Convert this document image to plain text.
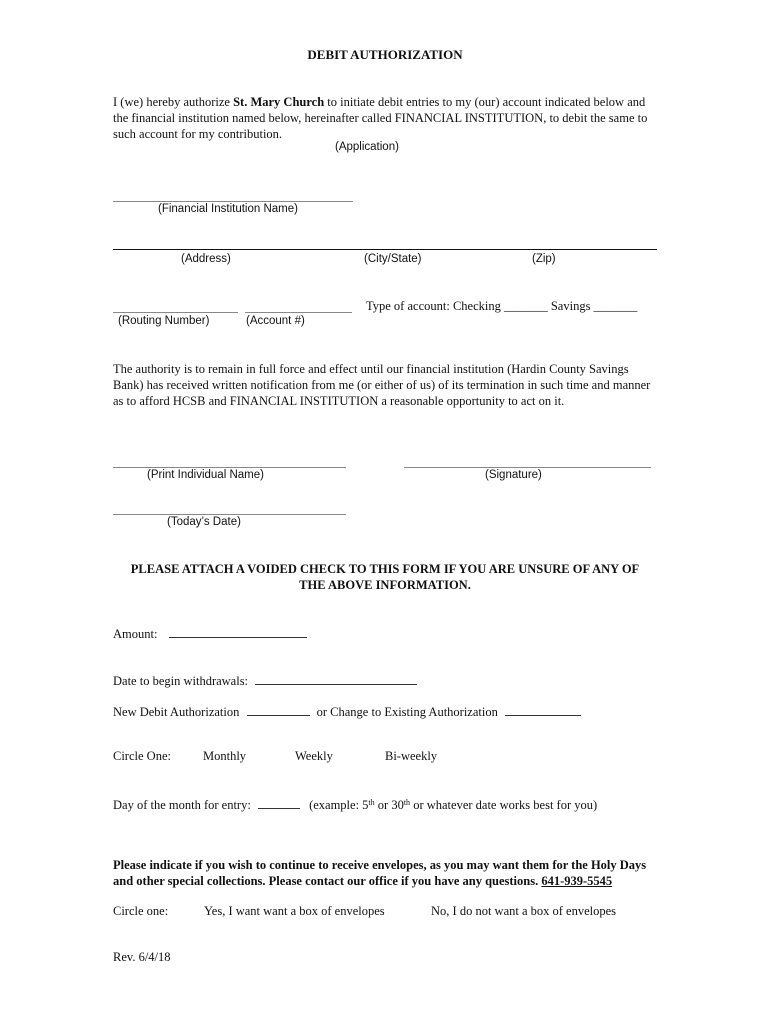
DEBIT AUTHORIZATION
I (we) hereby authorize St. Mary Church to initiate debit entries to my (our) account indicated below and
the financial institution named below, hereinafter called FINANCIAL INSTITUTION, to debit the same to
such account for my contribution.
(Application)
(Financial Institution Name)
(Address)	(City/State)	(Zip)
Type of account: Checking _______ Savings _______
(Routing Number)	(Account #)
The authority is to remain in full force and effect until our financial institution (Hardin County Savings
Bank) has received written notification from me (or either of us) of its termination in such time and manner
as to afford HCSB and FINANCIAL INSTITUTION a reasonable opportunity to act on it.
(Print Individual Name)	(Signature)
(Today’s Date)
PLEASE ATTACH A VOIDED CHECK TO THIS FORM IF YOU ARE UNSURE OF ANY OF
THE ABOVE INFORMATION.
Amount:
Date to begin withdrawals:
New Debit Authorization	or Change to Existing Authorization
Circle One:	Monthly	Weekly	Bi-weekly
Day of the month for entry:	(example: 5th or 30th or whatever date works best for you)
Please indicate if you wish to continue to receive envelopes, as you may want them for the Holy Days
and other special collections. Please contact our office if you have any questions. 641-939-5545
Circle one:	Yes, I want want a box of envelopes	No, I do not want a box of envelopes
Rev. 6/4/18
